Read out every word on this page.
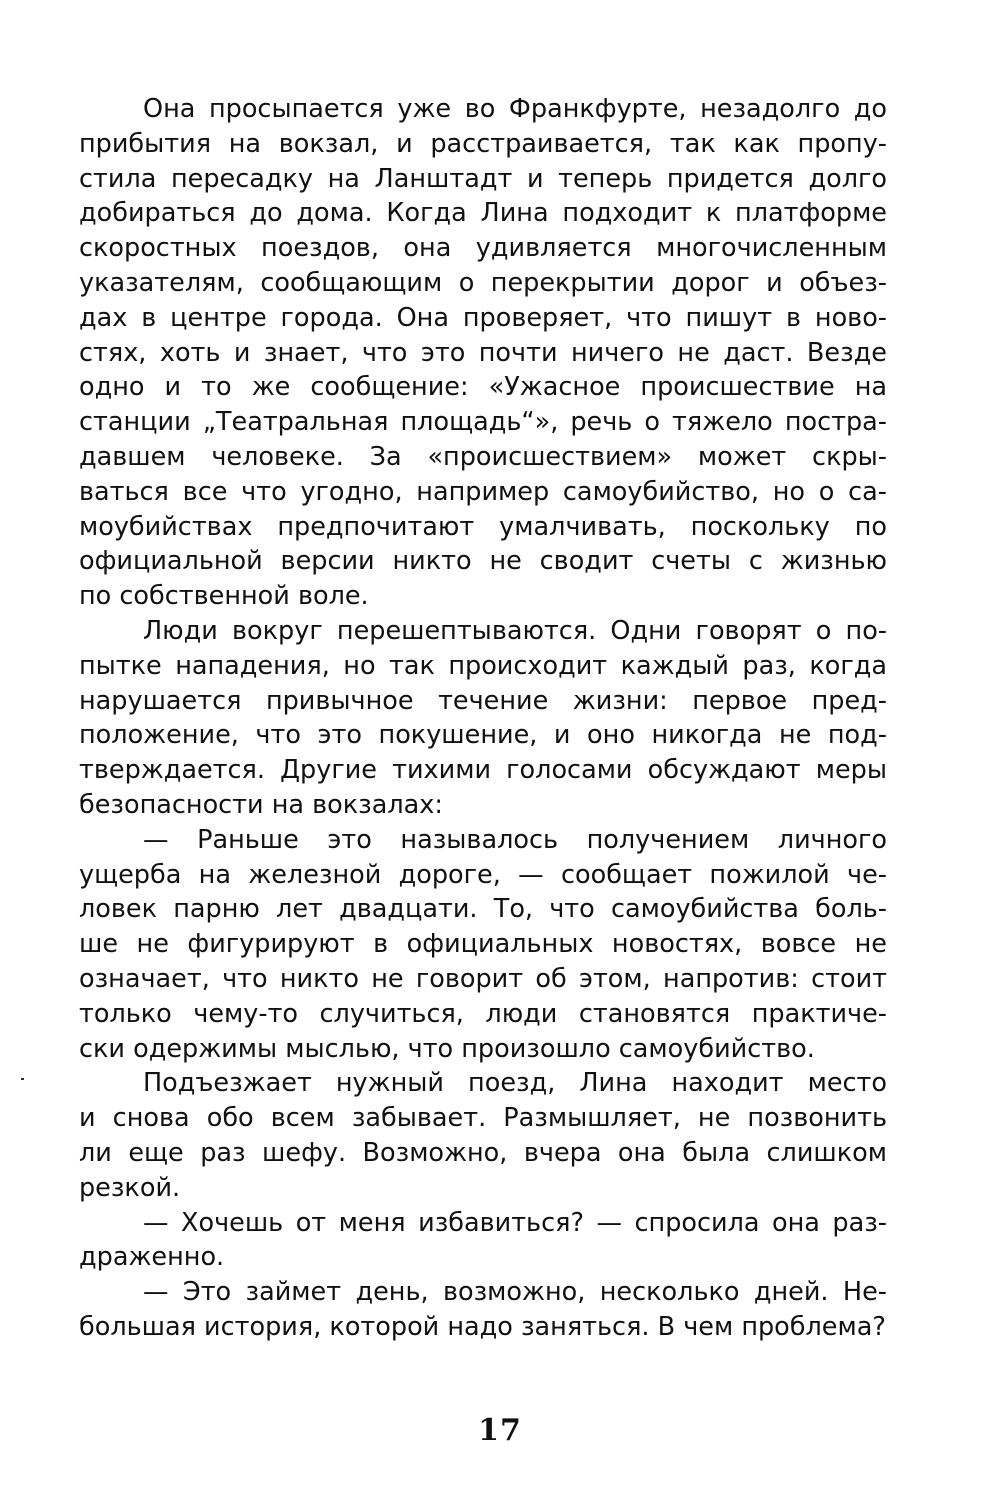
Она просыпается уже во Франкфурте, незадолго до
прибытия на вокзал, и расстраивается, так как пропу-
стила пересадку на Ланштадт и теперь придется долго
добираться до дома. Когда Лина подходит к платформе
скоростных поездов, она удивляется многочисленным
указателям, сообщающим о перекрытии дорог и объез-
дах в центре города. Она проверяет, что пишут в ново-
стях, хоть и знает, что это почти ничего не даст. Везде
одно и то же сообщение: «Ужасное происшествие на
станции „Театральная площадь“», речь о тяжело постра-
давшем человеке. За «происшествием» может скры-
ваться все что угодно, например самоубийство, но о са-
моубийствах предпочитают умалчивать, поскольку по
официальной версии никто не сводит счеты с жизнью
по собственной воле.

Люди вокруг перешептываются. Одни говорят о по-
пытке нападения, но так происходит каждый раз, когда
нарушается привычное течение жизни: первое пред-
положение, что это покушение, и оно никогда не под-
тверждается. Другие тихими голосами обсуждают меры
безопасности на вокзалах:

— Раньше это называлось получением личного
ущерба на железной дороге, — сообщает пожилой че-
ловек парню лет двадцати. То, что самоубийства боль-
ше не фигурируют в официальных новостях, вовсе не
означает, что никто не говорит об этом, напротив: стоит
только чему-то случиться, люди становятся практиче-
ски одержимы мыслью, что произошло самоубийство.

Подъезжает нужный поезд, Лина находит место
и снова обо всем забывает. Размышляет, не позвонить
ли еще раз шефу. Возможно, вчера она была слишком
резкой.

— Хочешь от меня избавиться? — спросила она раз-
драженно.

— Это займет день, возможно, несколько дней. Не-
большая история, которой надо заняться. В чем проблема?

17
